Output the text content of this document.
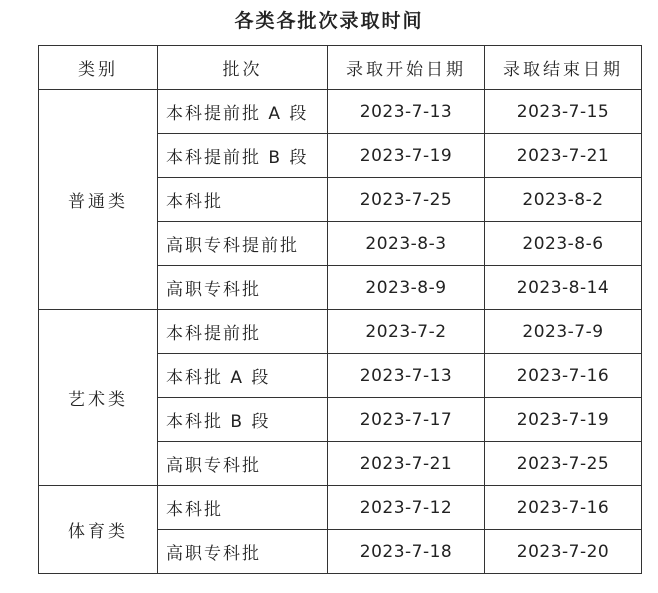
各类各批次录取时间
类别	批次	录取开始日期	录取结束日期
普通类	本科提前批 A 段	2023-7-13	2023-7-15
	本科提前批 B 段	2023-7-19	2023-7-21
	本科批	2023-7-25	2023-8-2
	高职专科提前批	2023-8-3	2023-8-6
	高职专科批	2023-8-9	2023-8-14
艺术类	本科提前批	2023-7-2	2023-7-9
	本科批 A 段	2023-7-13	2023-7-16
	本科批 B 段	2023-7-17	2023-7-19
	高职专科批	2023-7-21	2023-7-25
体育类	本科批	2023-7-12	2023-7-16
	高职专科批	2023-7-18	2023-7-20
